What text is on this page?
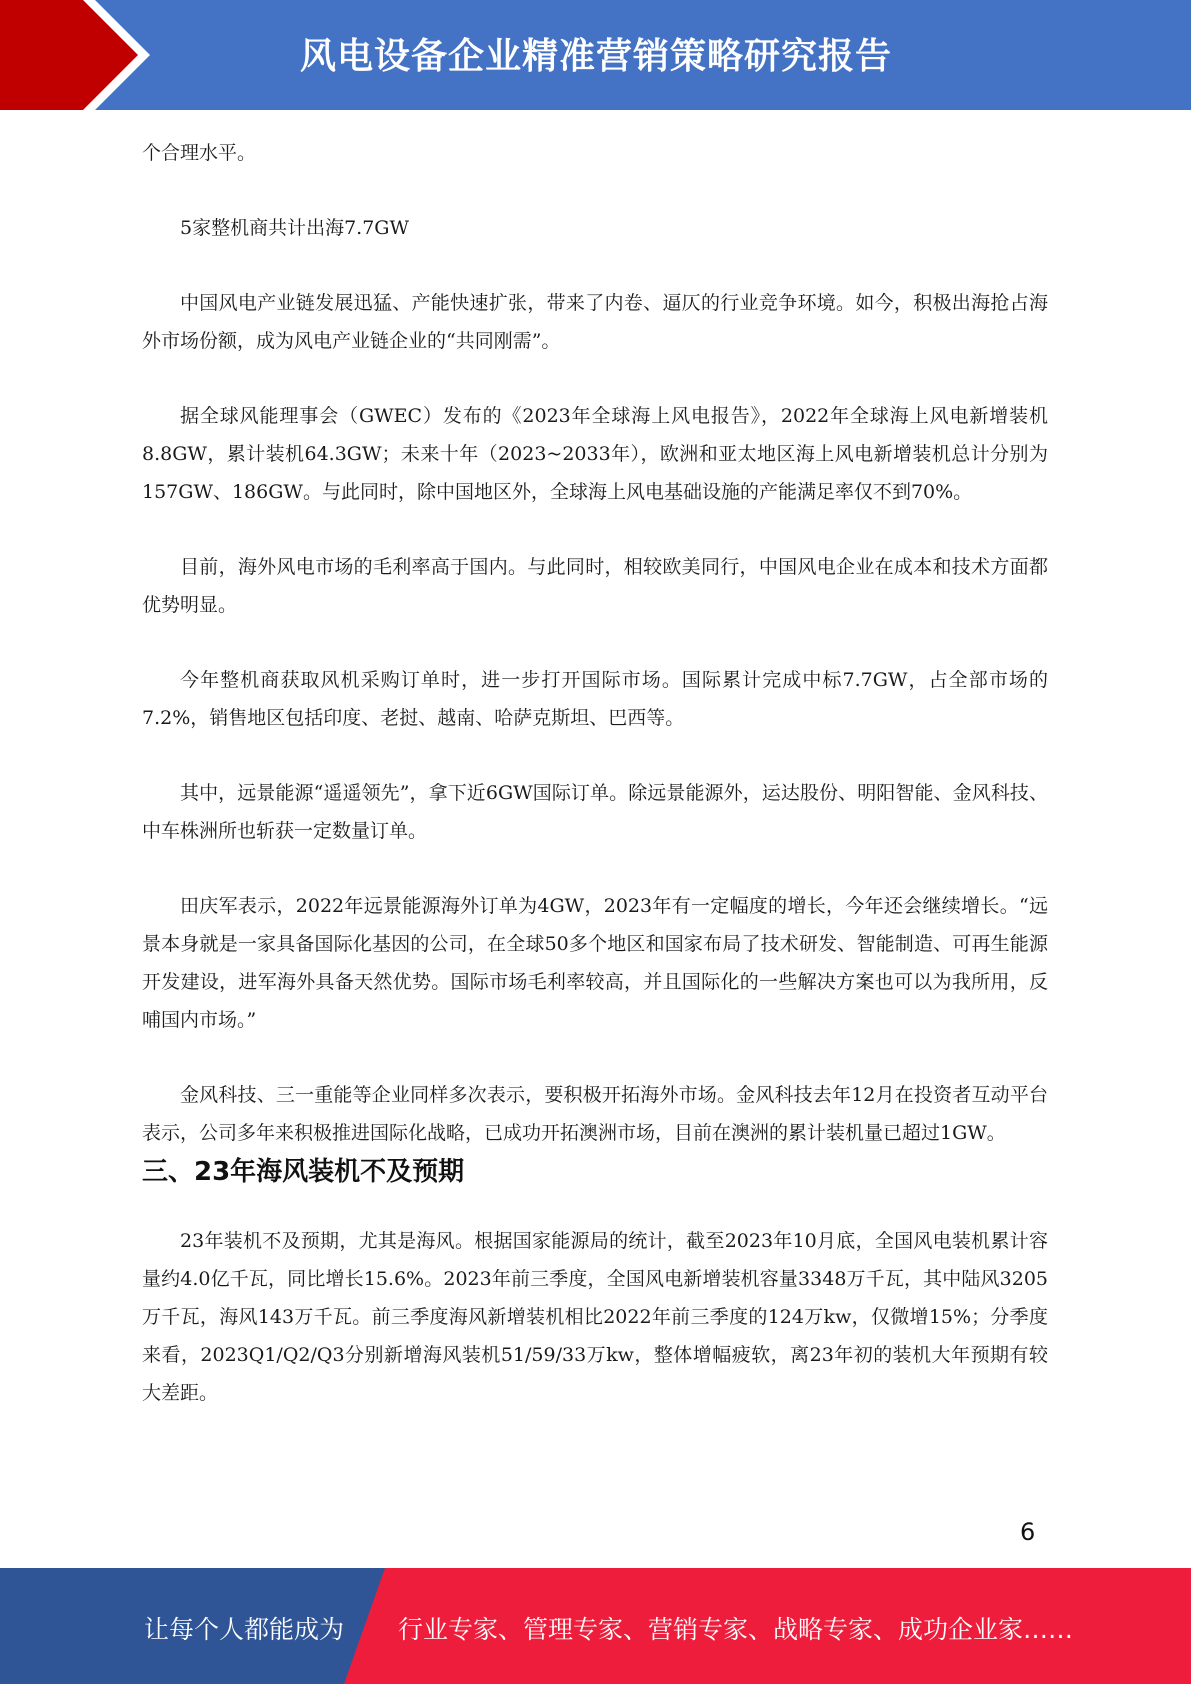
风电设备企业精准营销策略研究报告

个合理水平。

5家整机商共计出海7.7GW

中国风电产业链发展迅猛、产能快速扩张，带来了内卷、逼仄的行业竞争环境。如今，积极出海抢占海外市场份额，成为风电产业链企业的“共同刚需”。

据全球风能理事会（GWEC）发布的《2023年全球海上风电报告》，2022年全球海上风电新增装机8.8GW，累计装机64.3GW；未来十年（2023~2033年），欧洲和亚太地区海上风电新增装机总计分别为157GW、186GW。与此同时，除中国地区外，全球海上风电基础设施的产能满足率仅不到70%。

目前，海外风电市场的毛利率高于国内。与此同时，相较欧美同行，中国风电企业在成本和技术方面都优势明显。

今年整机商获取风机采购订单时，进一步打开国际市场。国际累计完成中标7.7GW，占全部市场的7.2%，销售地区包括印度、老挝、越南、哈萨克斯坦、巴西等。

其中，远景能源“遥遥领先”，拿下近6GW国际订单。除远景能源外，运达股份、明阳智能、金风科技、中车株洲所也斩获一定数量订单。

田庆军表示，2022年远景能源海外订单为4GW，2023年有一定幅度的增长，今年还会继续增长。“远景本身就是一家具备国际化基因的公司，在全球50多个地区和国家布局了技术研发、智能制造、可再生能源开发建设，进军海外具备天然优势。国际市场毛利率较高，并且国际化的一些解决方案也可以为我所用，反哺国内市场。”

金风科技、三一重能等企业同样多次表示，要积极开拓海外市场。金风科技去年12月在投资者互动平台表示，公司多年来积极推进国际化战略，已成功开拓澳洲市场，目前在澳洲的累计装机量已超过1GW。

三、23年海风装机不及预期

23年装机不及预期，尤其是海风。根据国家能源局的统计，截至2023年10月底，全国风电装机累计容量约4.0亿千瓦，同比增长15.6%。2023年前三季度，全国风电新增装机容量3348万千瓦，其中陆风3205万千瓦，海风143万千瓦。前三季度海风新增装机相比2022年前三季度的124万kw，仅微增15%；分季度来看，2023Q1/Q2/Q3分别新增海风装机51/59/33万kw，整体增幅疲软，离23年初的装机大年预期有较大差距。

6
让每个人都能成为 行业专家、管理专家、营销专家、战略专家、成功企业家……
